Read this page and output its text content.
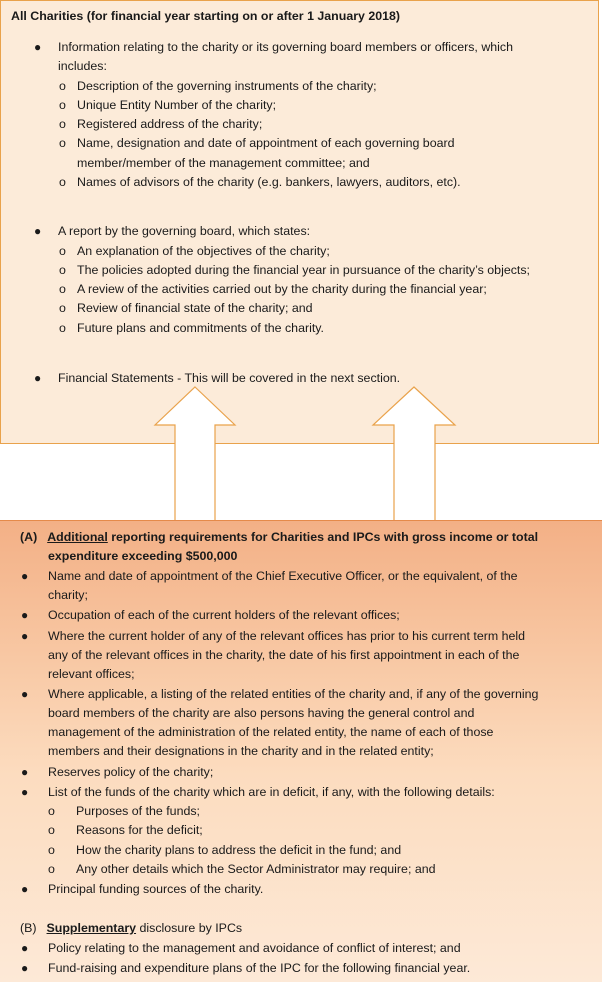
All Charities (for financial year starting on or after 1 January 2018)
● Information relating to the charity or its governing board members or officers, which
includes:
o Description of the governing instruments of the charity;
o Unique Entity Number of the charity;
o Registered address of the charity;
o Name, designation and date of appointment of each governing board
member/member of the management committee; and
o Names of advisors of the charity (e.g. bankers, lawyers, auditors, etc).
● A report by the governing board, which states:
o An explanation of the objectives of the charity;
o The policies adopted during the financial year in pursuance of the charity’s objects;
o A review of the activities carried out by the charity during the financial year;
o Review of financial state of the charity; and
o Future plans and commitments of the charity.
● Financial Statements - This will be covered in the next section.
(A) Additional reporting requirements for Charities and IPCs with gross income or total
expenditure exceeding $500,000
● Name and date of appointment of the Chief Executive Officer, or the equivalent, of the
charity;
● Occupation of each of the current holders of the relevant offices;
● Where the current holder of any of the relevant offices has prior to his current term held
any of the relevant offices in the charity, the date of his first appointment in each of the
relevant offices;
● Where applicable, a listing of the related entities of the charity and, if any of the governing
board members of the charity are also persons having the general control and
management of the administration of the related entity, the name of each of those
members and their designations in the charity and in the related entity;
● Reserves policy of the charity;
● List of the funds of the charity which are in deficit, if any, with the following details:
o Purposes of the funds;
o Reasons for the deficit;
o How the charity plans to address the deficit in the fund; and
o Any other details which the Sector Administrator may require; and
● Principal funding sources of the charity.
(B) Supplementary disclosure by IPCs
● Policy relating to the management and avoidance of conflict of interest; and
● Fund-raising and expenditure plans of the IPC for the following financial year.
